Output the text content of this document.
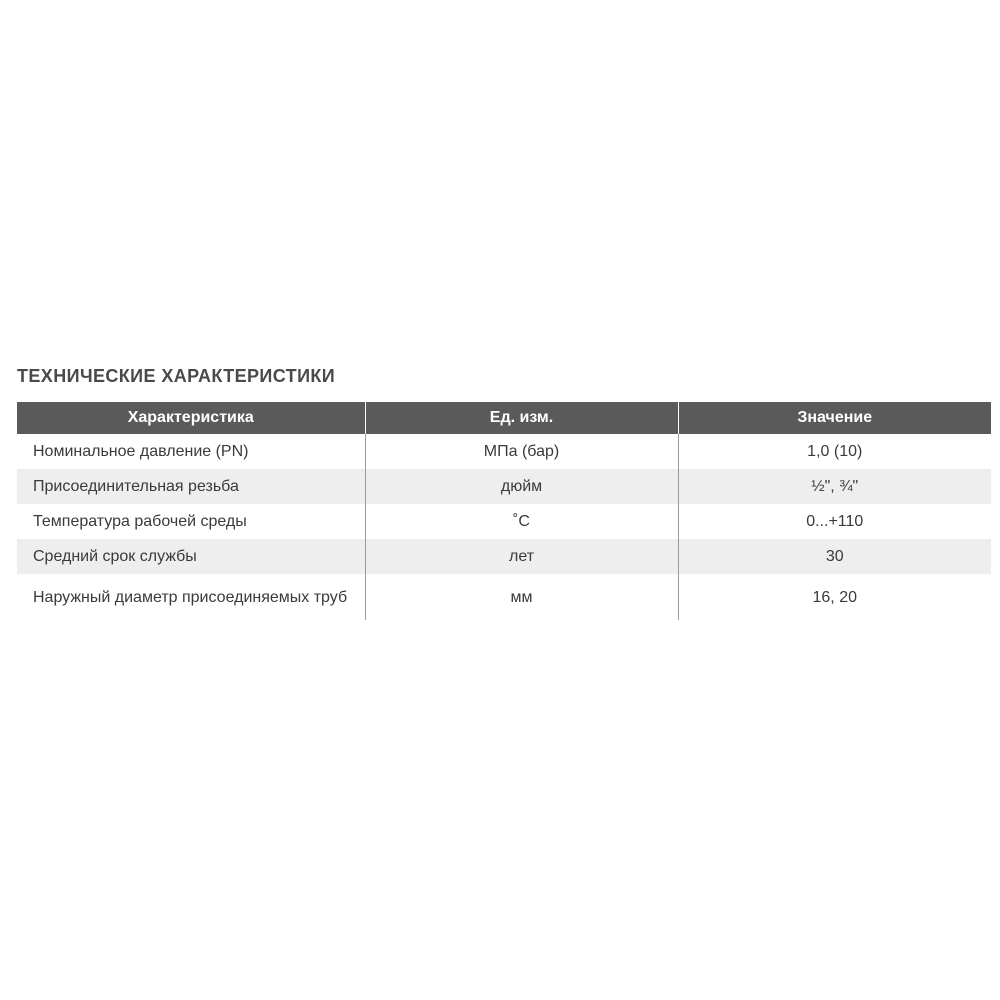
ТЕХНИЧЕСКИЕ ХАРАКТЕРИСТИКИ
Характеристика	Ед. изм.	Значение
Номинальное давление (PN)	МПа (бар)	1,0 (10)
Присоединительная резьба	дюйм	½", ¾"
Температура рабочей среды	˚С	0...+110
Средний срок службы	лет	30
Наружный диаметр присоединяемых труб	мм	16, 20
